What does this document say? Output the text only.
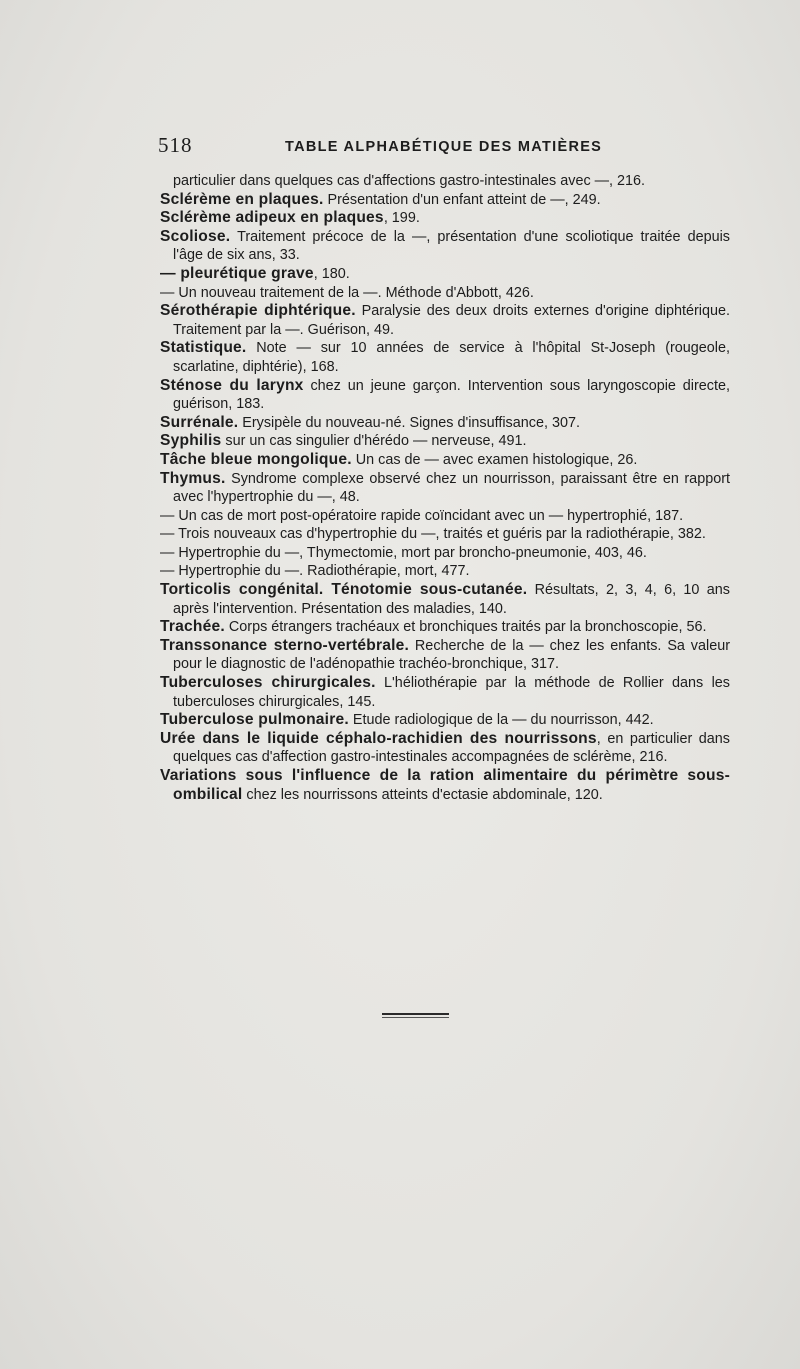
518	TABLE ALPHABÉTIQUE DES MATIÈRES

particulier dans quelques cas d'affections gastro-intestinales avec —, 216.

Sclérème en plaques. Présentation d'un enfant atteint de —, 249.

Sclérème adipeux en plaques, 199.

Scoliose. Traitement précoce de la —, présentation d'une scoliotique traitée depuis l'âge de six ans, 33.

— pleurétique grave, 180.

— Un nouveau traitement de la —. Méthode d'Abbott, 426.

Sérothérapie diphtérique. Paralysie des deux droits externes d'origine diphtérique. Traitement par la —. Guérison, 49.

Statistique. Note — sur 10 années de service à l'hôpital St-Joseph (rougeole, scarlatine, diphtérie), 168.

Sténose du larynx chez un jeune garçon. Intervention sous laryngoscopie directe, guérison, 183.

Surrénale. Erysipèle du nouveau-né. Signes d'insuffisance, 307.

Syphilis sur un cas singulier d'hérédo — nerveuse, 491.

Tâche bleue mongolique. Un cas de — avec examen histologique, 26.

Thymus. Syndrome complexe observé chez un nourrisson, paraissant être en rapport avec l'hypertrophie du —, 48.

— Un cas de mort post-opératoire rapide coïncidant avec un — hypertrophié, 187.

— Trois nouveaux cas d'hypertrophie du —, traités et guéris par la radiothérapie, 382.

— Hypertrophie du —, Thymectomie, mort par broncho-pneumonie, 403, 46.

— Hypertrophie du —. Radiothérapie, mort, 477.

Torticolis congénital. Ténotomie sous-cutanée. Résultats, 2, 3, 4, 6, 10 ans après l'intervention. Présentation des maladies, 140.

Trachée. Corps étrangers trachéaux et bronchiques traités par la bronchoscopie, 56.

Transsonance sterno-vertébrale. Recherche de la — chez les enfants. Sa valeur pour le diagnostic de l'adénopathie trachéo-bronchique, 317.

Tuberculoses chirurgicales. L'héliothérapie par la méthode de Rollier dans les tuberculoses chirurgicales, 145.

Tuberculose pulmonaire. Etude radiologique de la — du nourrisson, 442.

Urée dans le liquide céphalo-rachidien des nourrissons, en particulier dans quelques cas d'affection gastro-intestinales accompagnées de sclérème, 216.

Variations sous l'influence de la ration alimentaire du périmètre sous-ombilical chez les nourrissons atteints d'ectasie abdominale, 120.
